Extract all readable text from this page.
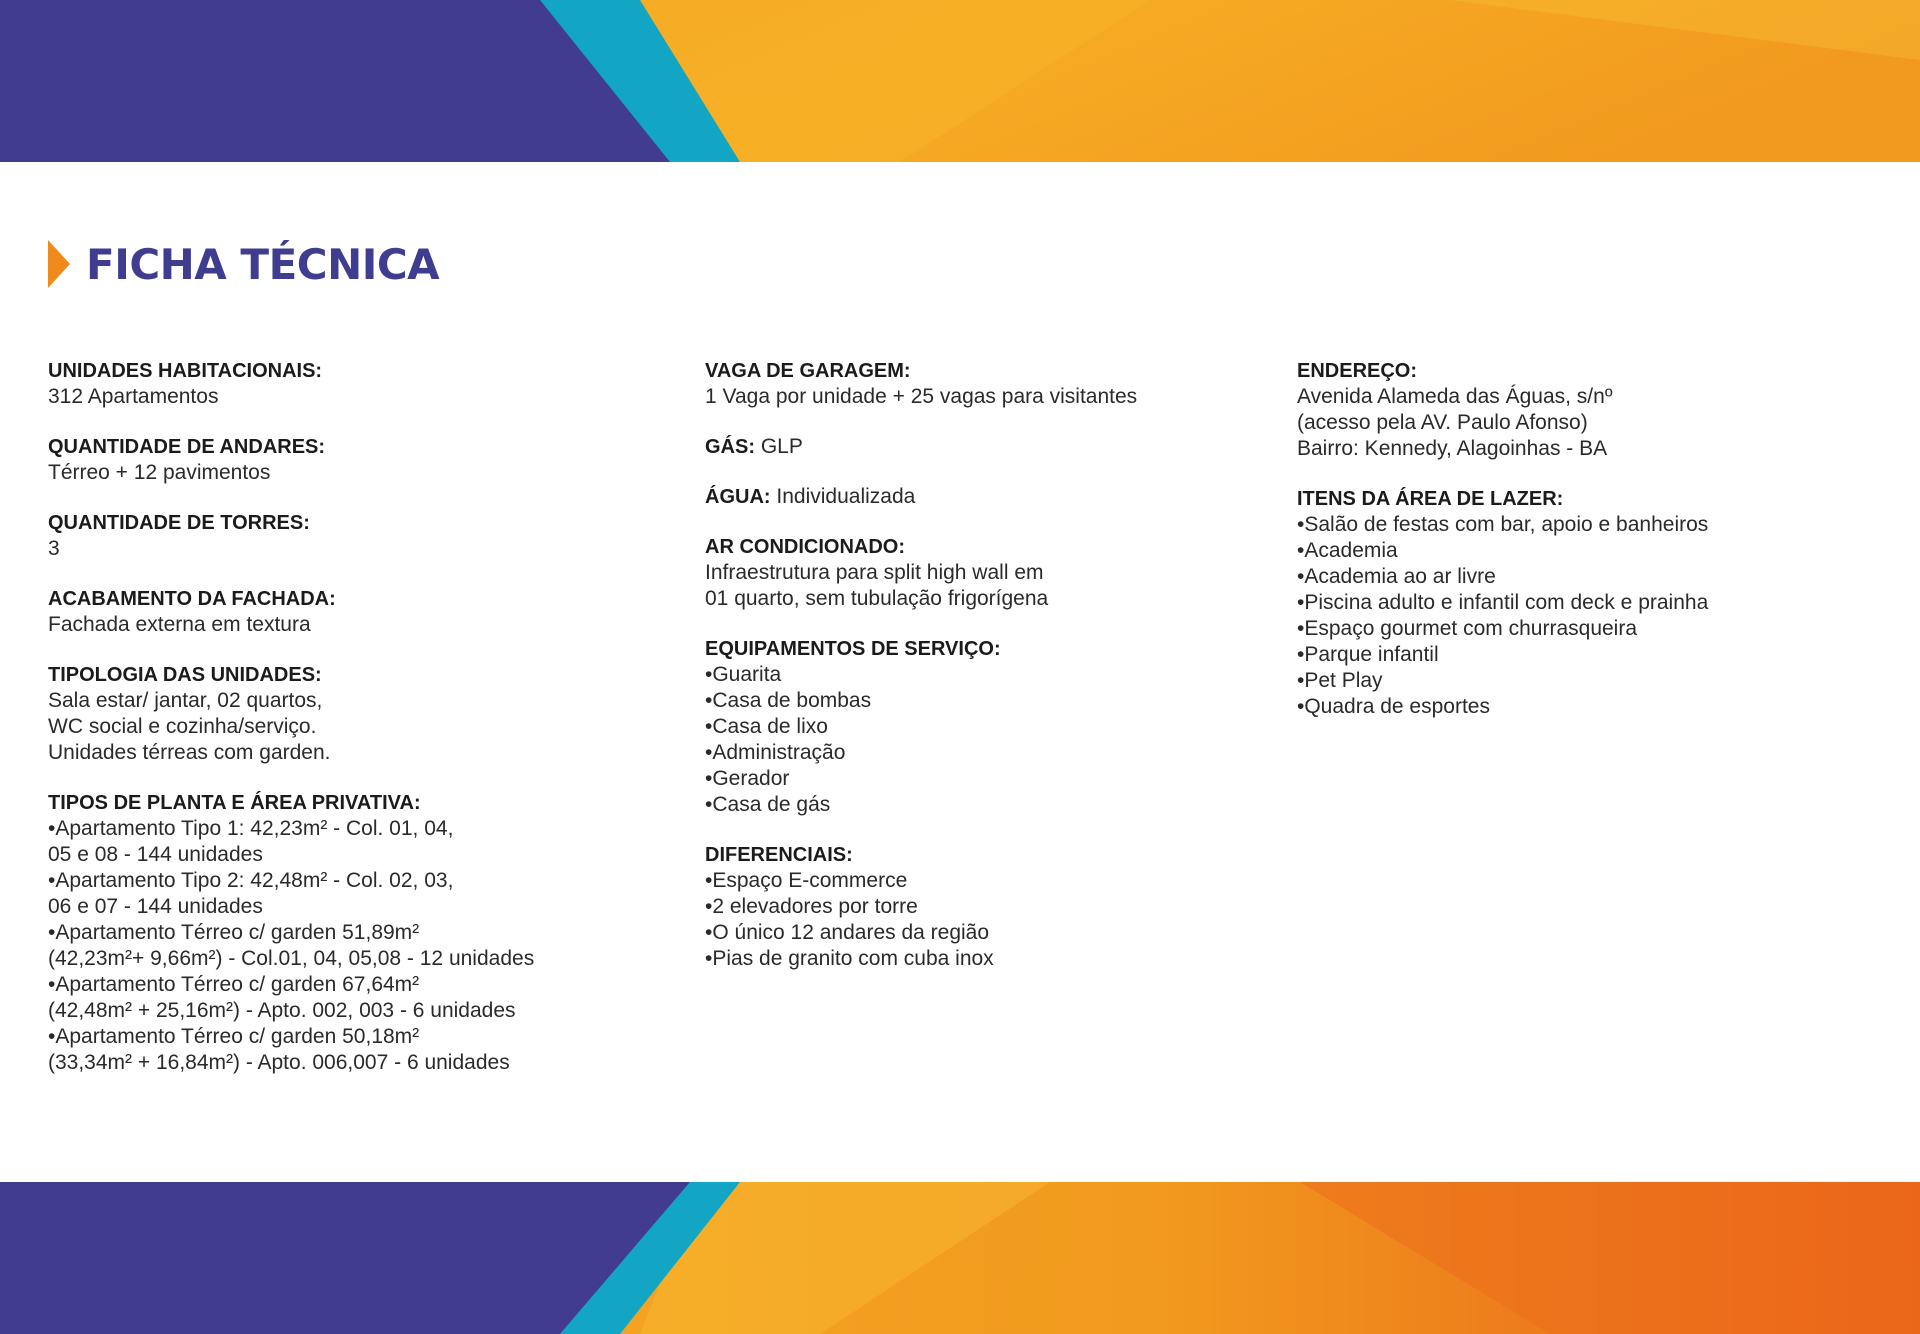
FICHA TÉCNICA
UNIDADES HABITACIONAIS:
312 Apartamentos
QUANTIDADE DE ANDARES:
Térreo + 12 pavimentos
QUANTIDADE DE TORRES:
3
ACABAMENTO DA FACHADA:
Fachada externa em textura
TIPOLOGIA DAS UNIDADES:
Sala estar/ jantar, 02 quartos,
WC social e cozinha/serviço.
Unidades térreas com garden.
TIPOS DE PLANTA E ÁREA PRIVATIVA:
•Apartamento Tipo 1: 42,23m² - Col. 01, 04,
05 e 08 - 144 unidades
•Apartamento Tipo 2: 42,48m² - Col. 02, 03,
06 e 07 - 144 unidades
•Apartamento Térreo c/ garden 51,89m²
(42,23m²+ 9,66m²) - Col.01, 04, 05,08 - 12 unidades
•Apartamento Térreo c/ garden 67,64m²
(42,48m² + 25,16m²) - Apto. 002, 003 - 6 unidades
•Apartamento Térreo c/ garden 50,18m²
(33,34m² + 16,84m²) - Apto. 006,007 - 6 unidades
VAGA DE GARAGEM:
1 Vaga por unidade + 25 vagas para visitantes
GÁS: GLP
ÁGUA: Individualizada
AR CONDICIONADO:
Infraestrutura para split high wall em
01 quarto, sem tubulação frigorígena
EQUIPAMENTOS DE SERVIÇO:
•Guarita
•Casa de bombas
•Casa de lixo
•Administração
•Gerador
•Casa de gás
DIFERENCIAIS:
•Espaço E-commerce
•2 elevadores por torre
•O único 12 andares da região
•Pias de granito com cuba inox
ENDEREÇO:
Avenida Alameda das Águas, s/nº
(acesso pela AV. Paulo Afonso)
Bairro: Kennedy, Alagoinhas - BA
ITENS DA ÁREA DE LAZER:
•Salão de festas com bar, apoio e banheiros
•Academia
•Academia ao ar livre
•Piscina adulto e infantil com deck e prainha
•Espaço gourmet com churrasqueira
•Parque infantil
•Pet Play
•Quadra de esportes
